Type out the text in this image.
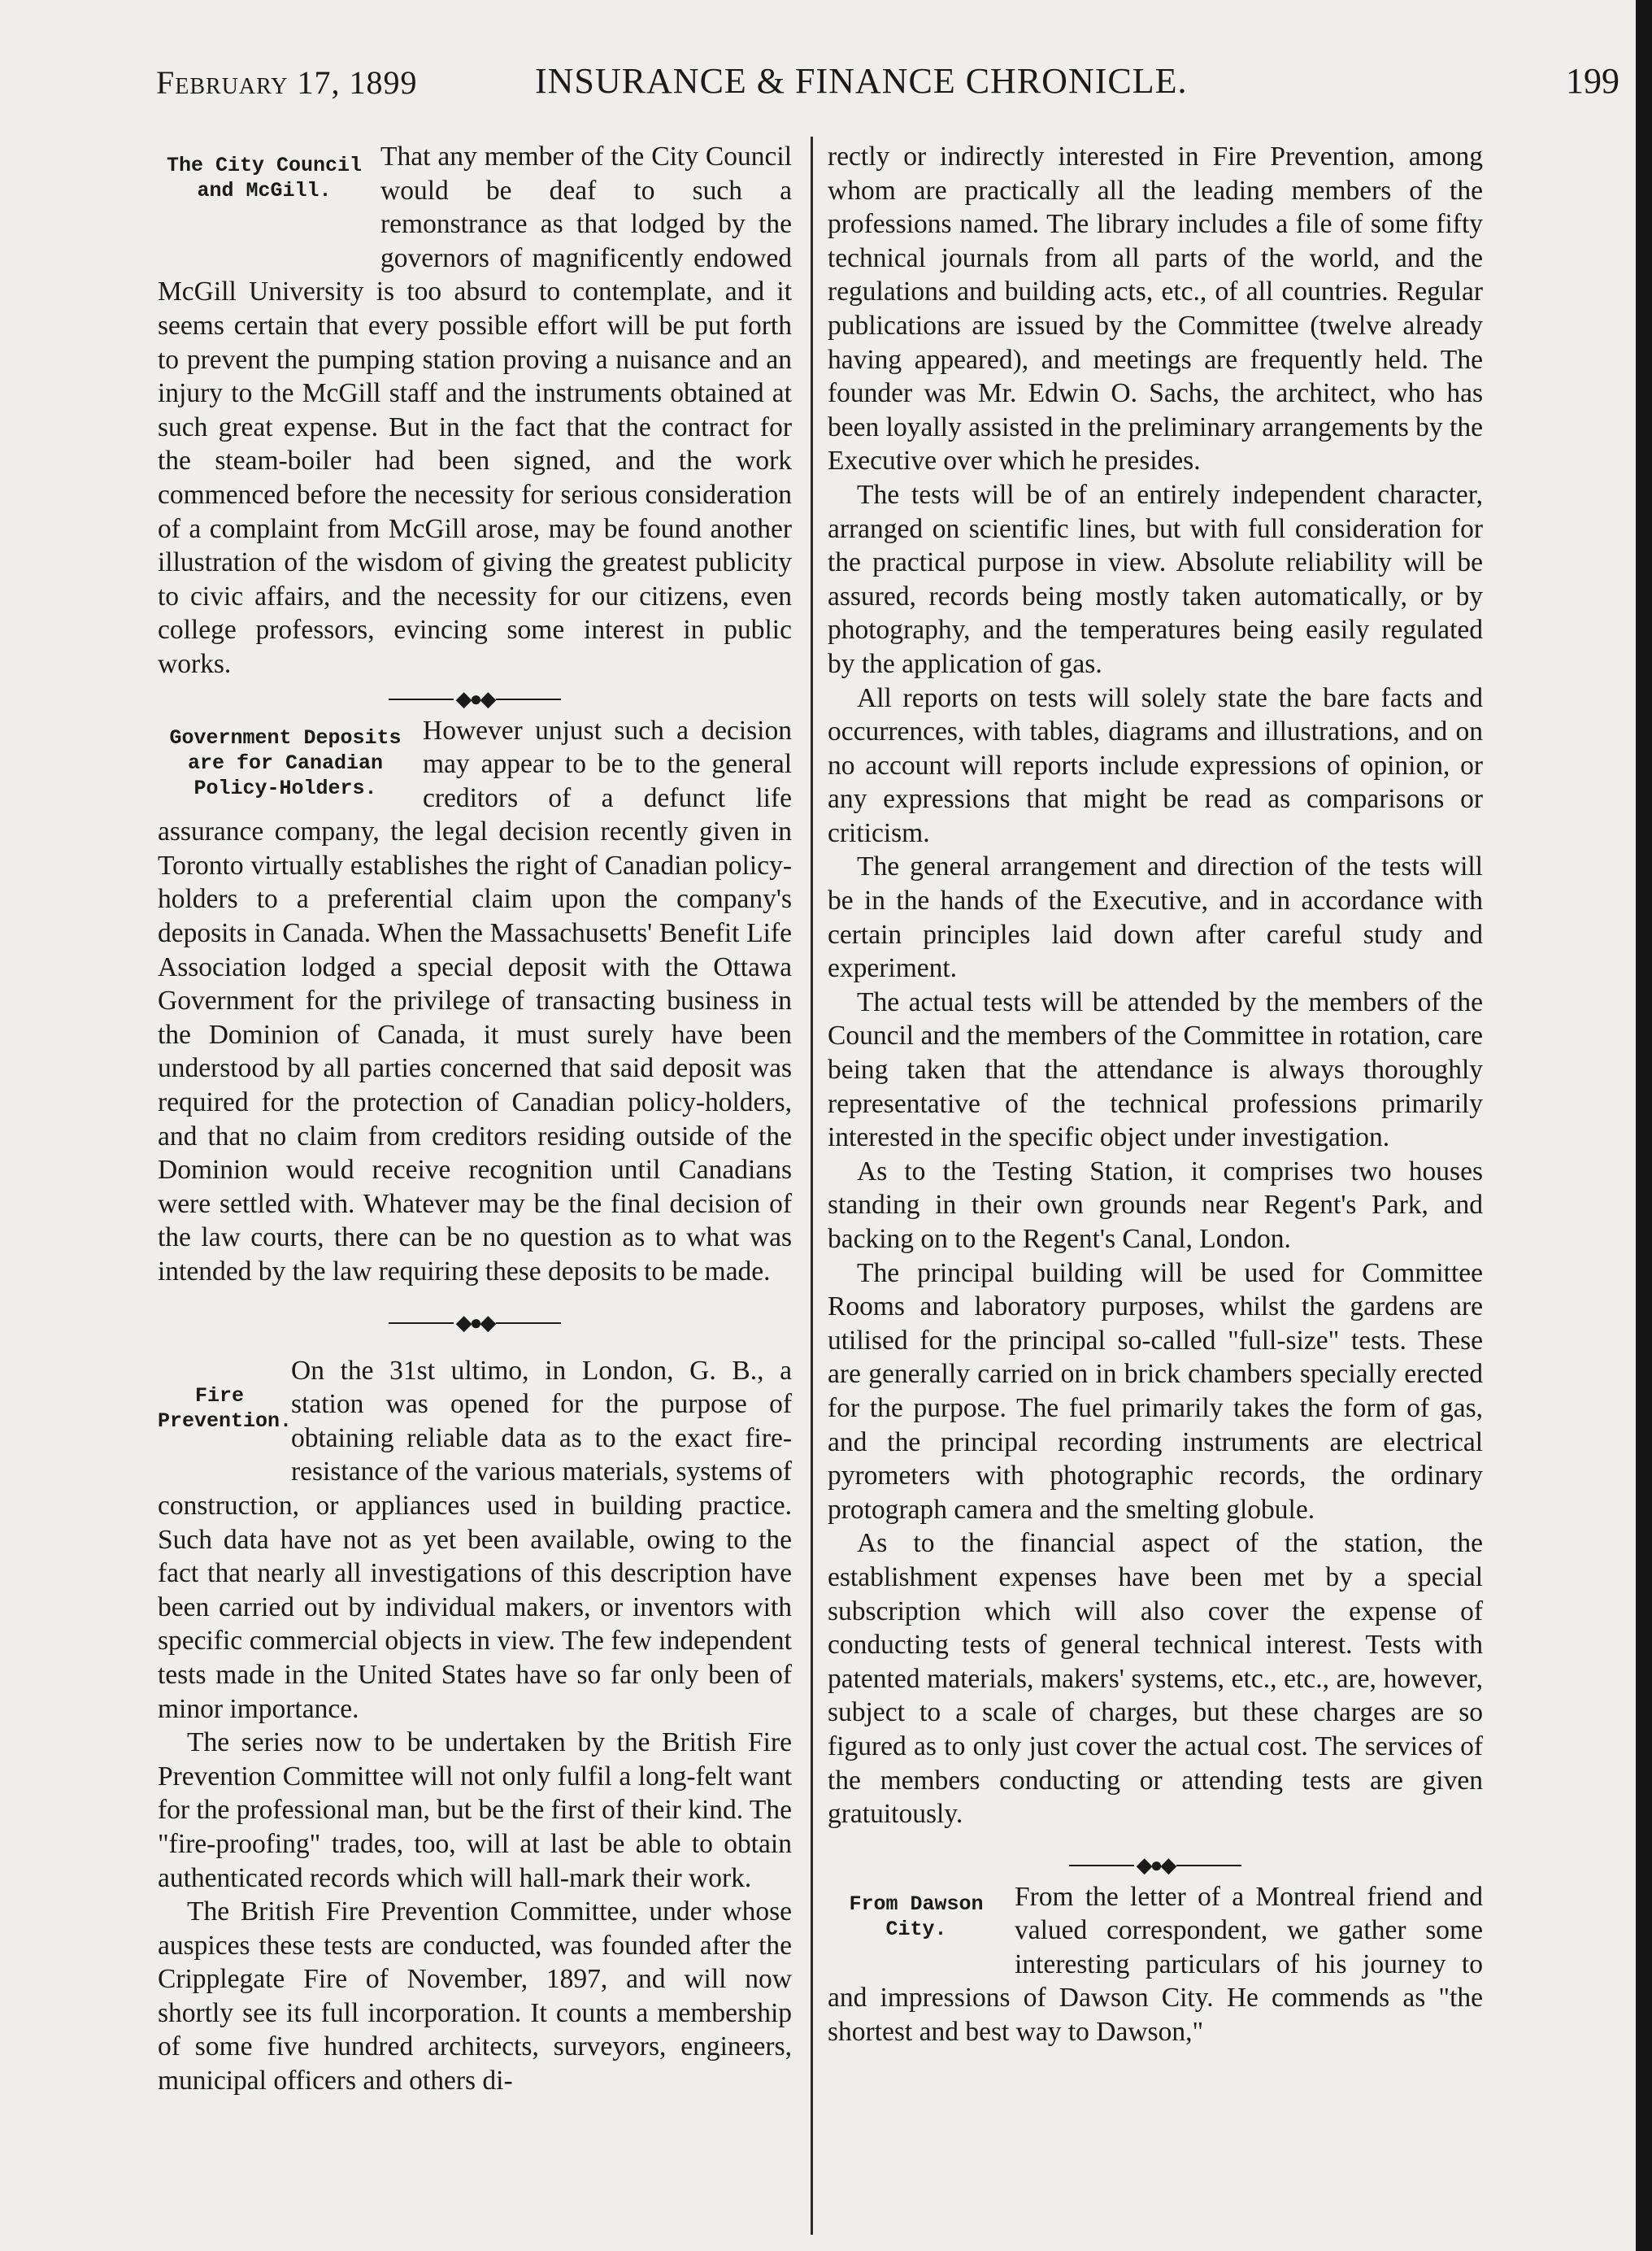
February 17, 1899	INSURANCE & FINANCE CHRONICLE.	199
The City Council
and McGill.

That any member of the City Council would be deaf to such a remonstrance as that lodged by the governors of magnificently endowed McGill University is too absurd to contemplate, and it seems certain that every possible effort will be put forth to prevent the pumping station proving a nuisance and an injury to the McGill staff and the instruments obtained at such great expense. But in the fact that the contract for the steam-boiler had been signed, and the work commenced before the necessity for serious consideration of a complaint from McGill arose, may be found another illustration of the wisdom of giving the greatest publicity to civic affairs, and the necessity for our citizens, even college professors, evincing some interest in public works.

◆●◆
Government Deposits
are for Canadian
Policy-Holders.

However unjust such a decision may appear to be to the general creditors of a defunct life assurance company, the legal decision recently given in Toronto virtually establishes the right of Canadian policy-holders to a preferential claim upon the company's deposits in Canada. When the Massachusetts' Benefit Life Association lodged a special deposit with the Ottawa Government for the privilege of transacting business in the Dominion of Canada, it must surely have been understood by all parties concerned that said deposit was required for the protection of Canadian policy-holders, and that no claim from creditors residing outside of the Dominion would receive recognition until Canadians were settled with. Whatever may be the final decision of the law courts, there can be no question as to what was intended by the law requiring these deposits to be made.

◆●◆
Fire
Prevention.

On the 31st ultimo, in London, G. B., a station was opened for the purpose of obtaining reliable data as to the exact fire-resistance of the various materials, systems of construction, or appliances used in building practice. Such data have not as yet been available, owing to the fact that nearly all investigations of this description have been carried out by individual makers, or inventors with specific commercial objects in view. The few independent tests made in the United States have so far only been of minor importance.

The series now to be undertaken by the British Fire Prevention Committee will not only fulfil a long-felt want for the professional man, but be the first of their kind. The "fire-proofing" trades, too, will at last be able to obtain authenticated records which will hall-mark their work.

The British Fire Prevention Committee, under whose auspices these tests are conducted, was founded after the Cripplegate Fire of November, 1897, and will now shortly see its full incorporation. It counts a membership of some five hundred architects, surveyors, engineers, municipal officers and others di-

rectly or indirectly interested in Fire Prevention, among whom are practically all the leading members of the professions named. The library includes a file of some fifty technical journals from all parts of the world, and the regulations and building acts, etc., of all countries. Regular publications are issued by the Committee (twelve already having appeared), and meetings are frequently held. The founder was Mr. Edwin O. Sachs, the architect, who has been loyally assisted in the preliminary arrangements by the Executive over which he presides.

The tests will be of an entirely independent character, arranged on scientific lines, but with full consideration for the practical purpose in view. Absolute reliability will be assured, records being mostly taken automatically, or by photography, and the temperatures being easily regulated by the application of gas.

All reports on tests will solely state the bare facts and occurrences, with tables, diagrams and illustrations, and on no account will reports include expressions of opinion, or any expressions that might be read as comparisons or criticism.

The general arrangement and direction of the tests will be in the hands of the Executive, and in accordance with certain principles laid down after careful study and experiment.

The actual tests will be attended by the members of the Council and the members of the Committee in rotation, care being taken that the attendance is always thoroughly representative of the technical professions primarily interested in the specific object under investigation.

As to the Testing Station, it comprises two houses standing in their own grounds near Regent's Park, and backing on to the Regent's Canal, London.

The principal building will be used for Committee Rooms and laboratory purposes, whilst the gardens are utilised for the principal so-called "full-size" tests. These are generally carried on in brick chambers specially erected for the purpose. The fuel primarily takes the form of gas, and the principal recording instruments are electrical pyrometers with photographic records, the ordinary protograph camera and the smelting globule.

As to the financial aspect of the station, the establishment expenses have been met by a special subscription which will also cover the expense of conducting tests of general technical interest. Tests with patented materials, makers' systems, etc., etc., are, however, subject to a scale of charges, but these charges are so figured as to only just cover the actual cost. The services of the members conducting or attending tests are given gratuitously.

◆●◆
From Dawson
City.

From the letter of a Montreal friend and valued correspondent, we gather some interesting particulars of his journey to and impressions of Dawson City. He commends as "the shortest and best way to Dawson,"
